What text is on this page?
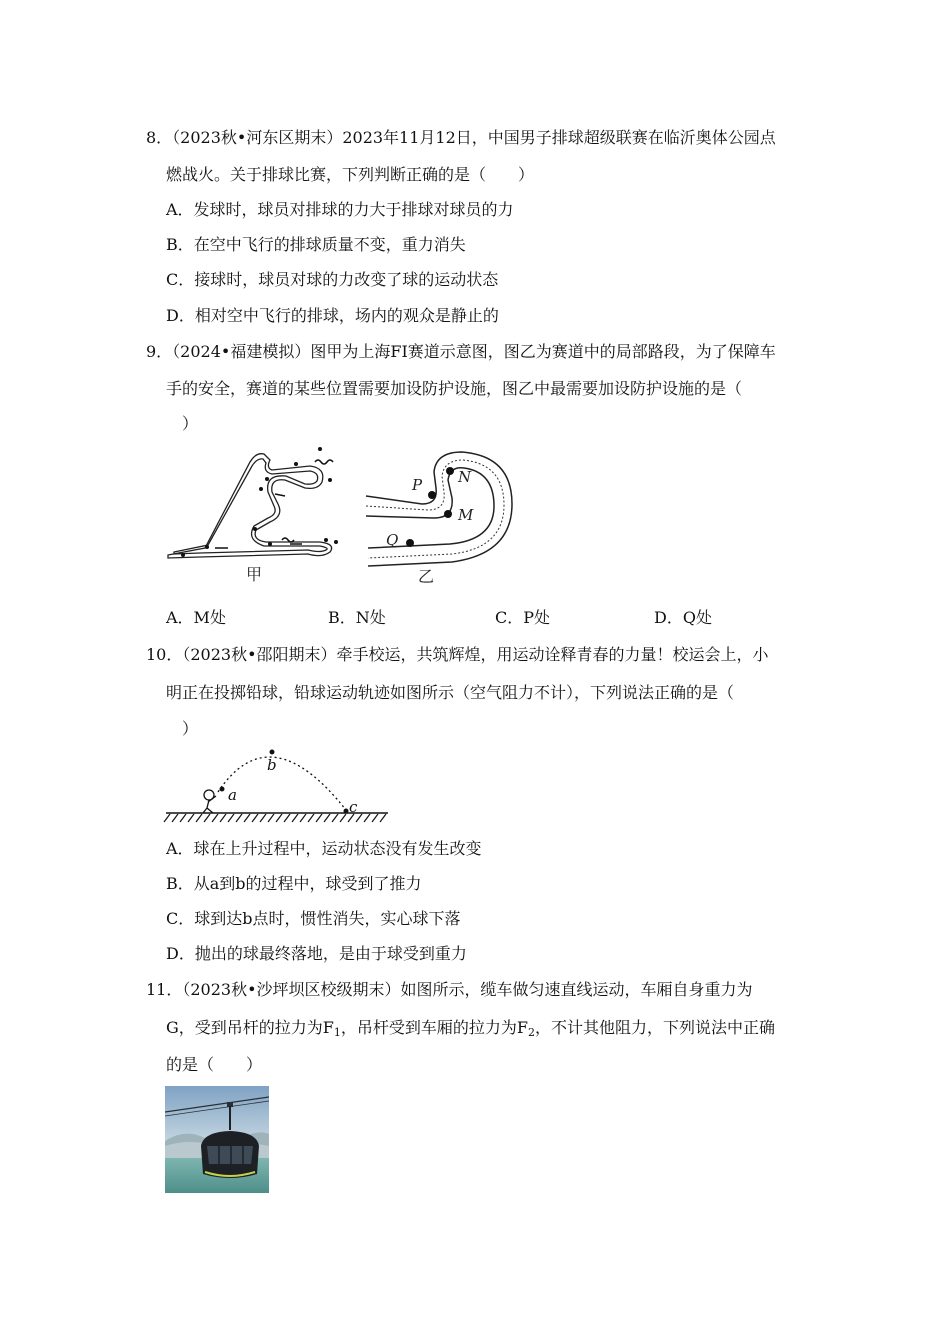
8．（2023秋•河东区期末）2023年11月12日，中国男子排球超级联赛在临沂奥体公园点
燃战火。关于排球比赛，下列判断正确的是（　　）
A．发球时，球员对排球的力大于排球对球员的力
B．在空中飞行的排球质量不变，重力消失
C．接球时，球员对球的力改变了球的运动状态
D．相对空中飞行的排球，场内的观众是静止的
9．（2024•福建模拟）图甲为上海FI赛道示意图，图乙为赛道中的局部路段，为了保障车
手的安全，赛道的某些位置需要加设防护设施，图乙中最需要加设防护设施的是（
）
甲
P N
M
Q
乙
A．M处	B．N处	C．P处	D．Q处
10．（2023秋•邵阳期末）牵手校运，共筑辉煌，用运动诠释青春的力量！校运会上，小
明正在投掷铅球，铅球运动轨迹如图所示（空气阻力不计），下列说法正确的是（
）
a
b
c
A．球在上升过程中，运动状态没有发生改变
B．从a到b的过程中，球受到了推力
C．球到达b点时，惯性消失，实心球下落
D．抛出的球最终落地，是由于球受到重力
11．（2023秋•沙坪坝区校级期末）如图所示，缆车做匀速直线运动，车厢自身重力为
G，受到吊杆的拉力为$F_1$，吊杆受到车厢的拉力为$F_2$，不计其他阻力，下列说法中正确
的是（　　）
